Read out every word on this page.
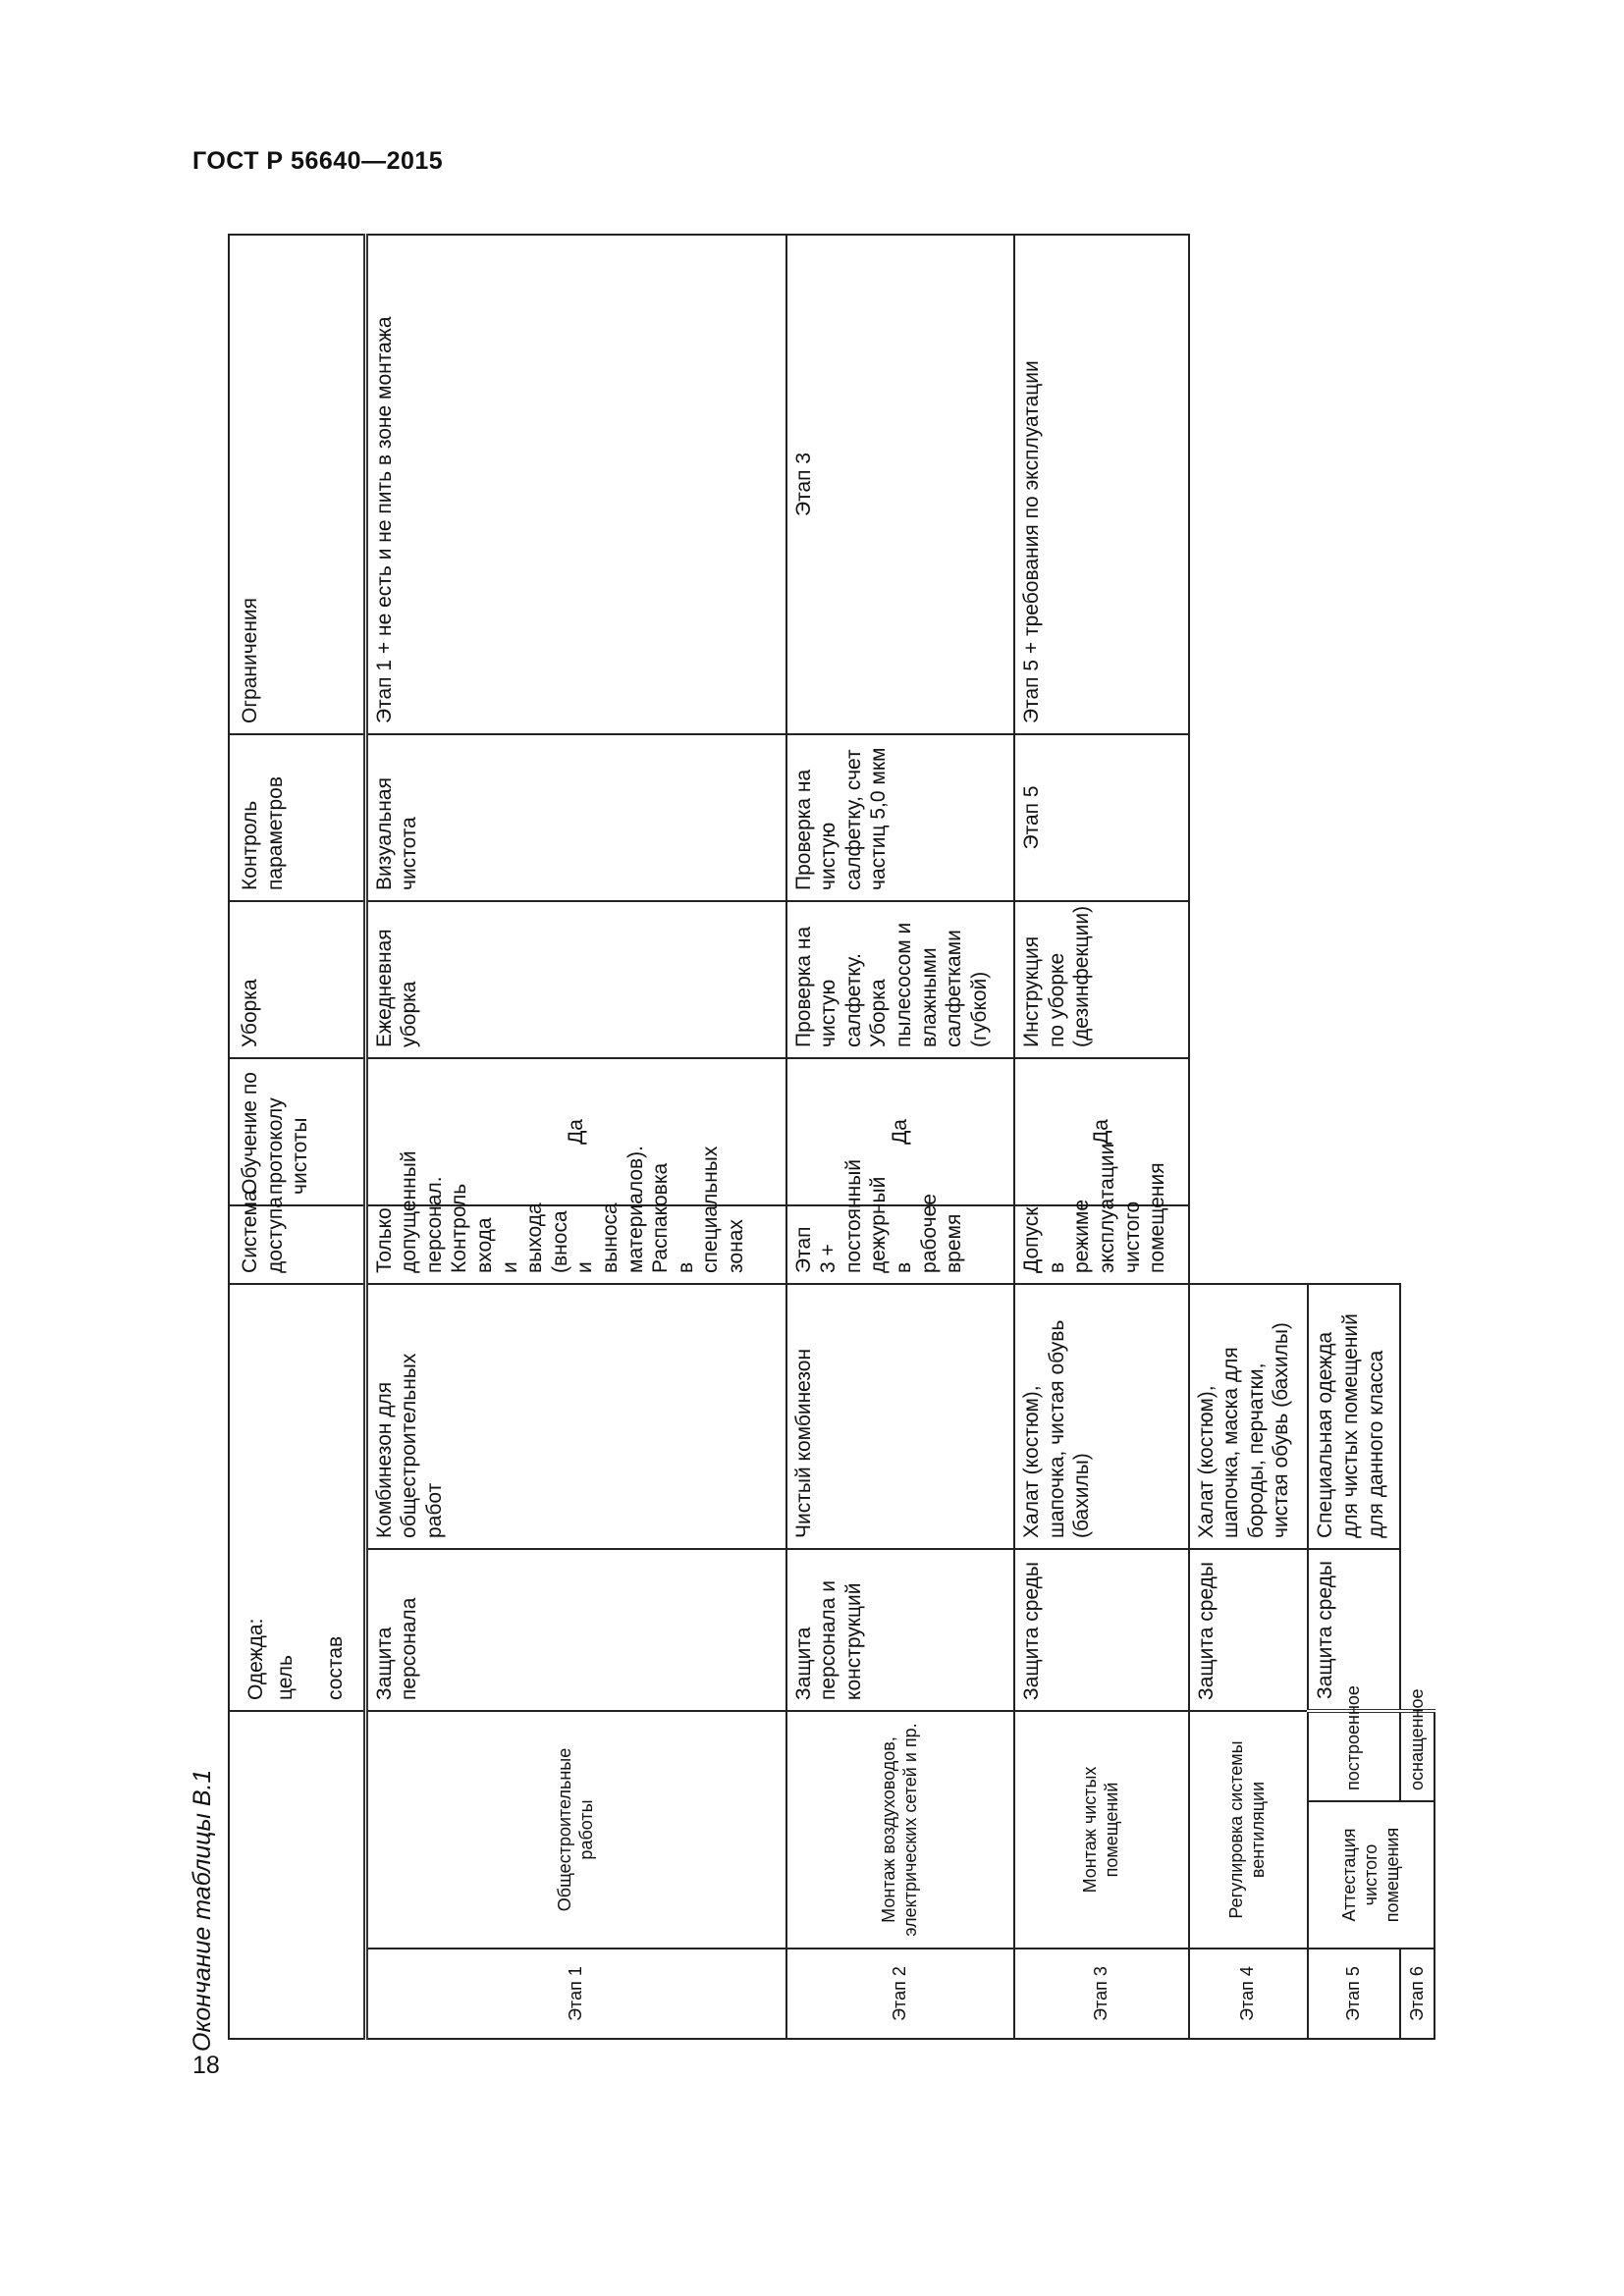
ГОСТ Р 56640—2015
18
Окончание таблицы В.1

			Одежда: цель состав		Система доступа	Обучение по протоколу чистоты	Уборка	Контроль параметров	Ограничения
Этап 1	Общестроительные работы		Защита персонала	Комбинезон для общестроительных работ	Только допущенный персонал. Контроль входа и выхода (вноса и выноса материалов). Распаковка в специальных зонах	Да	Ежедневная уборка	Визуальная чистота	Этап 1 + не есть и не пить в зоне монтажа
Этап 2	Монтаж воздуховодов, электрических сетей и пр.		Защита персонала и конструкций	Чистый комбинезон	Этап 3 + постоянный дежурный в рабочее время	Да	Проверка на чистую салфетку. Уборка пылесосом и влажными салфетками (губкой)	Проверка на чистую салфетку, счет частиц 5,0 мкм	Этап 3
Этап 3	Монтаж чистых помещений		Защита среды	Халат (костюм), шапочка, чистая обувь (бахилы)	Допуск в режиме эксплуатации чистого помещения	Да	Инструкция по уборке (дезинфекции)	Этап 5	Этап 5 + требования по эксплуатации
Этап 4	Регулировка системы вентиляции		Защита среды	Халат (костюм), шапочка, маска для бороды, перчатки, чистая обувь (бахилы)					

Этап 5	Аттестация чистого помещения	построенное	Защита среды	Специальная одежда для чистых помещений для данного класса					

Этап 6		оснащенное							
